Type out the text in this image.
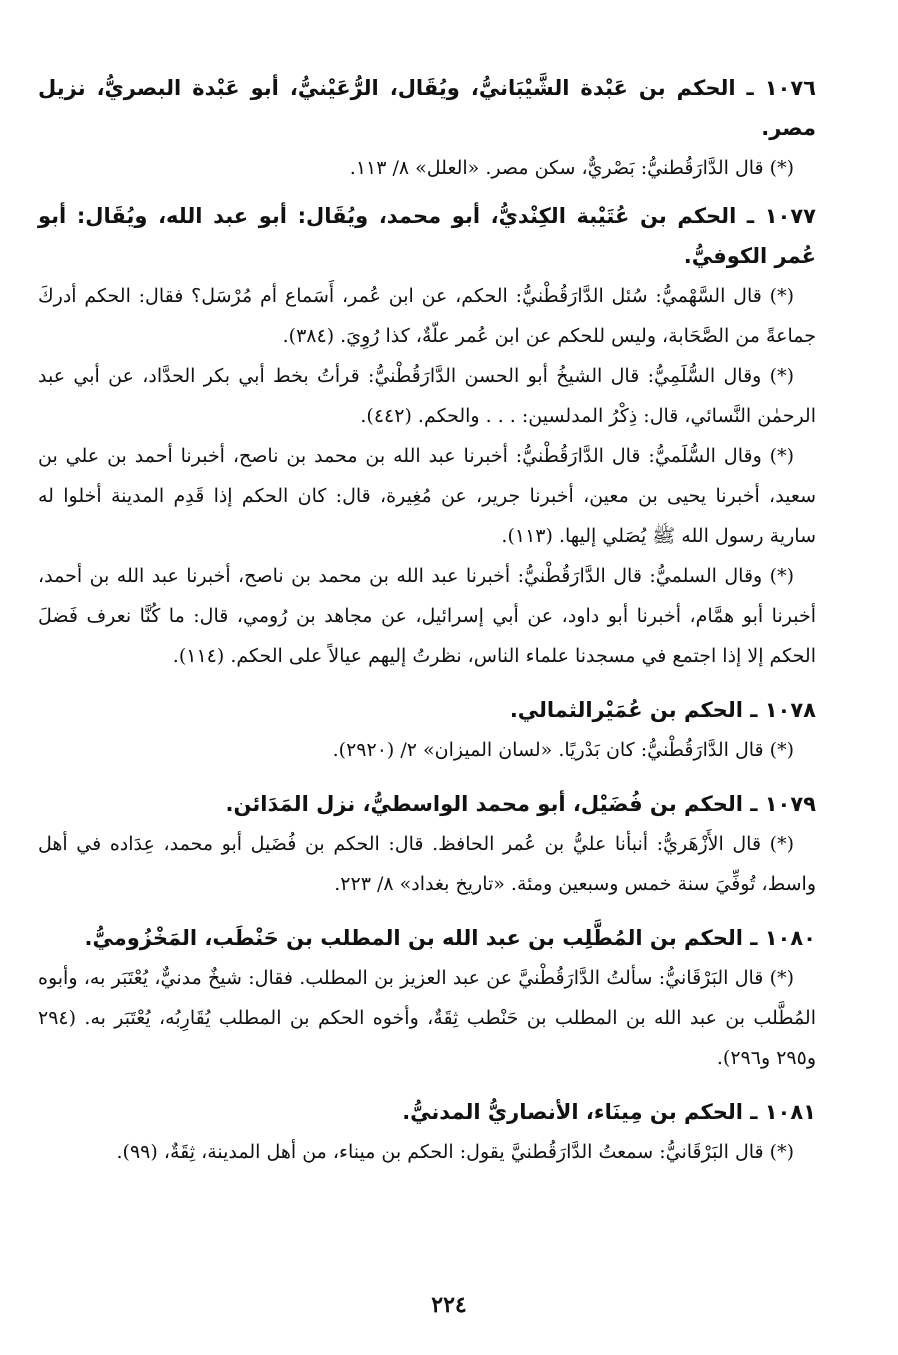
١٠٧٦ ـ الحكم بن عَبْدة الشَّيْبَانيُّ، ويُقَال، الرُّعَيْنيُّ، أبو عَبْدة البصريُّ، نزيل مصر.

(*) قال الدَّارَقُطنيُّ: بَصْريٌّ، سكن مصر. «العلل» ٨/ ١١٣.

١٠٧٧ ـ الحكم بن عُتَيْبة الكِنْديُّ، أبو محمد، ويُقَال: أبو عبد الله، ويُقَال: أبو عُمر الكوفيُّ.

(*) قال السَّهْميُّ: سُئل الدَّارَقُطْنيُّ: الحكم، عن ابن عُمر، أَسَماع أم مُرْسَل؟ فقال: الحكم أدركَ جماعةً من الصَّحَابة، وليس للحكم عن ابن عُمر علّةٌ، كذا رُوِيَ. (٣٨٤).

(*) وقال السُّلَمِيُّ: قال الشيخُ أبو الحسن الدَّارَقُطْنيُّ: قرأتُ بخط أبي بكر الحدَّاد، عن أبي عبد الرحمٰن النَّسائي، قال: ذِكْرُ المدلسين: . . . والحكم. (٤٤٢).

(*) وقال السُّلَميُّ: قال الدَّارَقُطْنيُّ: أخبرنا عبد الله بن محمد بن ناصح، أخبرنا أحمد بن علي بن سعيد، أخبرنا يحيى بن معين، أخبرنا جرير، عن مُغِيرة، قال: كان الحكم إذا قَدِم المدينة أخلوا له سارية رسول الله ﷺ يُصَلي إليها. (١١٣).

(*) وقال السلميُّ: قال الدَّارَقُطْنيُّ: أخبرنا عبد الله بن محمد بن ناصح، أخبرنا عبد الله بن أحمد، أخبرنا أبو همَّام، أخبرنا أبو داود، عن أبي إسرائيل، عن مجاهد بن رُومي، قال: ما كُنَّا نعرف فَضلَ الحكم إلا إذا اجتمع في مسجدنا علماء الناس، نظرتُ إليهم عيالاً على الحكم. (١١٤).

١٠٧٨ ـ الحكم بن عُمَيْرالثمالي.

(*) قال الدَّارَقُطْنيُّ: كان بَدْريًا. «لسان الميزان» ٢/ (٢٩٢٠).

١٠٧٩ ـ الحكم بن فُضَيْل، أبو محمد الواسطيُّ، نزل المَدَائن.

(*) قال الأَزْهَريُّ: أنبأنا عليُّ بن عُمر الحافظ. قال: الحكم بن فُضَيل أبو محمد، عِدَاده في أهل واسط، تُوفِّيَ سنة خمس وسبعين ومئة. «تاريخ بغداد» ٨/ ٢٢٣.

١٠٨٠ ـ الحكم بن المُطَّلِب بن عبد الله بن المطلب بن حَنْطَب، المَخْزُوميُّ.

(*) قال البَرْقَانيُّ: سألتُ الدَّارَقُطْنيَّ عن عبد العزيز بن المطلب. فقال: شيخٌ مدنيٌّ، يُعْتَبَر به، وأبوه المُطَّلب بن عبد الله بن المطلب بن حَنْطب ثِقَةٌ، وأخوه الحكم بن المطلب يُقَارِبُه، يُعْتَبَر به. (٢٩٤ و٢٩٥ و٢٩٦).

١٠٨١ ـ الحكم بن مِينَاء، الأنصاريُّ المدنيُّ.

(*) قال البَرْقَانيُّ: سمعتُ الدَّارَقُطنيَّ يقول: الحكم بن ميناء، من أهل المدينة، ثِقَةٌ، (٩٩).

٢٢٤
